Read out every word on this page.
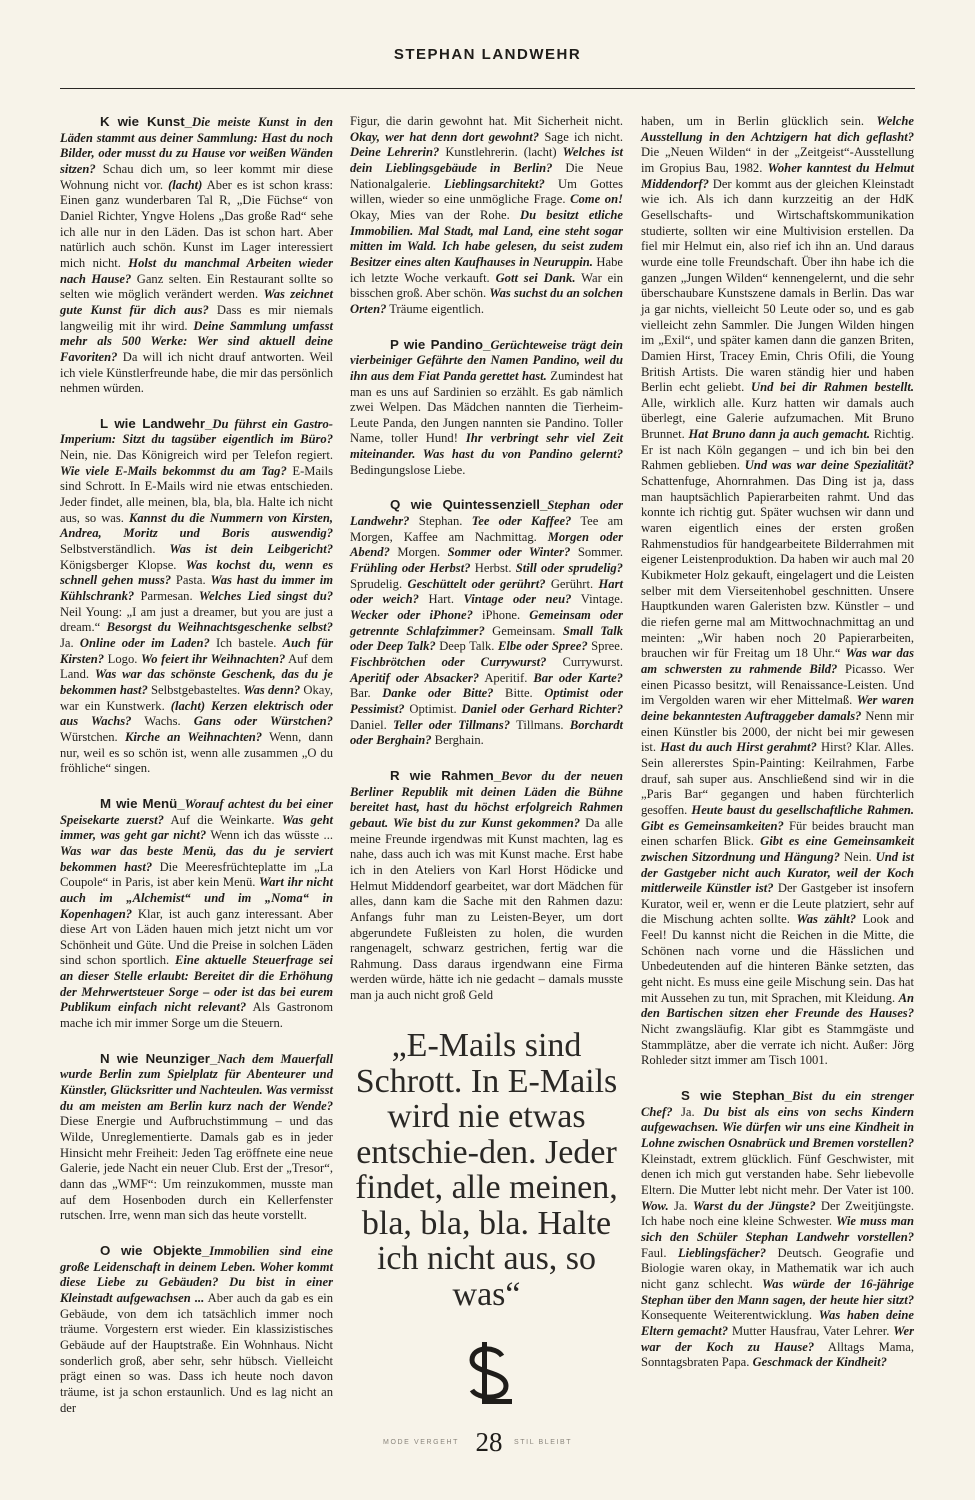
STEPHAN LANDWEHR

K wie Kunst_Die meiste Kunst in den Läden stammt aus deiner Sammlung: Hast du noch Bilder, oder musst du zu Hause vor weißen Wänden sitzen? Schau dich um, so leer kommt mir diese Wohnung nicht vor. (lacht) Aber es ist schon krass: Einen ganz wunderbaren Tal R, „Die Füchse“ von Daniel Richter, Yngve Holens „Das große Rad“ sehe ich alle nur in den Läden. Das ist schon hart. Aber natürlich auch schön. Kunst im Lager interessiert mich nicht. Holst du manchmal Arbeiten wieder nach Hause? Ganz selten. Ein Restaurant sollte so selten wie möglich verändert werden. Was zeichnet gute Kunst für dich aus? Dass es mir niemals langweilig mit ihr wird. Deine Sammlung umfasst mehr als 500 Werke: Wer sind aktuell deine Favoriten? Da will ich nicht drauf antworten. Weil ich viele Künstlerfreunde habe, die mir das persönlich nehmen würden.

L wie Landwehr_Du führst ein Gastro-Imperium: Sitzt du tagsüber eigentlich im Büro? Nein, nie. Das Königreich wird per Telefon regiert. Wie viele E-Mails bekommst du am Tag? E-Mails sind Schrott. In E-Mails wird nie etwas entschieden. Jeder findet, alle meinen, bla, bla, bla. Halte ich nicht aus, so was. Kannst du die Nummern von Kirsten, Andrea, Moritz und Boris auswendig? Selbstverständlich. Was ist dein Leibgericht? Königsberger Klopse. Was kochst du, wenn es schnell gehen muss? Pasta. Was hast du immer im Kühlschrank? Parmesan. Welches Lied singst du? Neil Young: „I am just a dreamer, but you are just a dream.“ Besorgst du Weihnachtsgeschenke selbst? Ja. Online oder im Laden? Ich bastele. Auch für Kirsten? Logo. Wo feiert ihr Weihnachten? Auf dem Land. Was war das schönste Geschenk, das du je bekommen hast? Selbstgebasteltes. Was denn? Okay, war ein Kunstwerk. (lacht) Kerzen elektrisch oder aus Wachs? Wachs. Gans oder Würstchen? Würstchen. Kirche an Weihnachten? Wenn, dann nur, weil es so schön ist, wenn alle zusammen „O du fröhliche“ singen.

M wie Menü_Worauf achtest du bei einer Speisekarte zuerst? Auf die Weinkarte. Was geht immer, was geht gar nicht? Wenn ich das wüsste ... Was war das beste Menü, das du je serviert bekommen hast? Die Meeresfrüchteplatte im „La Coupole“ in Paris, ist aber kein Menü. Wart ihr nicht auch im „Alchemist“ und im „Noma“ in Kopenhagen? Klar, ist auch ganz interessant. Aber diese Art von Läden hauen mich jetzt nicht um vor Schönheit und Güte. Und die Preise in solchen Läden sind schon sportlich. Eine aktuelle Steuerfrage sei an dieser Stelle erlaubt: Bereitet dir die Erhöhung der Mehrwertsteuer Sorge – oder ist das bei eurem Publikum einfach nicht relevant? Als Gastronom mache ich mir immer Sorge um die Steuern.

N wie Neunziger_Nach dem Mauerfall wurde Berlin zum Spielplatz für Abenteurer und Künstler, Glücksritter und Nachteulen. Was vermisst du am meisten am Berlin kurz nach der Wende? Diese Energie und Aufbruchstimmung – und das Wilde, Unreglementierte. Damals gab es in jeder Hinsicht mehr Freiheit: Jeden Tag eröffnete eine neue Galerie, jede Nacht ein neuer Club. Erst der „Tresor“, dann das „WMF“: Um reinzukommen, musste man auf dem Hosenboden durch ein Kellerfenster rutschen. Irre, wenn man sich das heute vorstellt.

O wie Objekte_Immobilien sind eine große Leidenschaft in deinem Leben. Woher kommt diese Liebe zu Gebäuden? Du bist in einer Kleinstadt aufgewachsen ... Aber auch da gab es ein Gebäude, von dem ich tatsächlich immer noch träume. Vorgestern erst wieder. Ein klassizistisches Gebäude auf der Hauptstraße. Ein Wohnhaus. Nicht sonderlich groß, aber sehr, sehr hübsch. Vielleicht prägt einen so was. Dass ich heute noch davon träume, ist ja schon erstaunlich. Und es lag nicht an der

Figur, die darin gewohnt hat. Mit Sicherheit nicht. Okay, wer hat denn dort gewohnt? Sage ich nicht. Deine Lehrerin? Kunstlehrerin. (lacht) Welches ist dein Lieblingsgebäude in Berlin? Die Neue Nationalgalerie. Lieblingsarchitekt? Um Gottes willen, wieder so eine unmögliche Frage. Come on! Okay, Mies van der Rohe. Du besitzt etliche Immobilien. Mal Stadt, mal Land, eine steht sogar mitten im Wald. Ich habe gelesen, du seist zudem Besitzer eines alten Kaufhauses in Neuruppin. Habe ich letzte Woche verkauft. Gott sei Dank. War ein bisschen groß. Aber schön. Was suchst du an solchen Orten? Träume eigentlich.

P wie Pandino_Gerüchteweise trägt dein vierbeiniger Gefährte den Namen Pandino, weil du ihn aus dem Fiat Panda gerettet hast. Zumindest hat man es uns auf Sardinien so erzählt. Es gab nämlich zwei Welpen. Das Mädchen nannten die Tierheim-Leute Panda, den Jungen nannten sie Pandino. Toller Name, toller Hund! Ihr verbringt sehr viel Zeit miteinander. Was hast du von Pandino gelernt? Bedingungslose Liebe.

Q wie Quintessenziell_Stephan oder Landwehr? Stephan. Tee oder Kaffee? Tee am Morgen, Kaffee am Nachmittag. Morgen oder Abend? Morgen. Sommer oder Winter? Sommer. Frühling oder Herbst? Herbst. Still oder sprudelig? Sprudelig. Geschüttelt oder gerührt? Gerührt. Hart oder weich? Hart. Vintage oder neu? Vintage. Wecker oder iPhone? iPhone. Gemeinsam oder getrennte Schlafzimmer? Gemeinsam. Small Talk oder Deep Talk? Deep Talk. Elbe oder Spree? Spree. Fischbrötchen oder Currywurst? Currywurst. Aperitif oder Absacker? Aperitif. Bar oder Karte? Bar. Danke oder Bitte? Bitte. Optimist oder Pessimist? Optimist. Daniel oder Gerhard Richter? Daniel. Teller oder Tillmans? Tillmans. Borchardt oder Berghain? Berghain.

R wie Rahmen_Bevor du der neuen Berliner Republik mit deinen Läden die Bühne bereitet hast, hast du höchst erfolgreich Rahmen gebaut. Wie bist du zur Kunst gekommen? Da alle meine Freunde irgendwas mit Kunst machten, lag es nahe, dass auch ich was mit Kunst mache. Erst habe ich in den Ateliers von Karl Horst Hödicke und Helmut Middendorf gearbeitet, war dort Mädchen für alles, dann kam die Sache mit den Rahmen dazu: Anfangs fuhr man zu Leisten-Beyer, um dort abgerundete Fußleisten zu holen, die wurden rangenagelt, schwarz gestrichen, fertig war die Rahmung. Dass daraus irgendwann eine Firma werden würde, hätte ich nie gedacht – damals musste man ja auch nicht groß Geld

haben, um in Berlin glücklich sein. Welche Ausstellung in den Achtzigern hat dich geflasht? Die „Neuen Wilden“ in der „Zeitgeist“-Ausstellung im Gropius Bau, 1982. Woher kanntest du Helmut Middendorf? Der kommt aus der gleichen Kleinstadt wie ich. Als ich dann kurzzeitig an der HdK Gesellschafts- und Wirtschaftskommunikation studierte, sollten wir eine Multivision erstellen. Da fiel mir Helmut ein, also rief ich ihn an. Und daraus wurde eine tolle Freundschaft. Über ihn habe ich die ganzen „Jungen Wilden“ kennengelernt, und die sehr überschaubare Kunstszene damals in Berlin. Das war ja gar nichts, vielleicht 50 Leute oder so, und es gab vielleicht zehn Sammler. Die Jungen Wilden hingen im „Exil“, und später kamen dann die ganzen Briten, Damien Hirst, Tracey Emin, Chris Ofili, die Young British Artists. Die waren ständig hier und haben Berlin echt geliebt. Und bei dir Rahmen bestellt. Alle, wirklich alle. Kurz hatten wir damals auch überlegt, eine Galerie aufzumachen. Mit Bruno Brunnet. Hat Bruno dann ja auch gemacht. Richtig. Er ist nach Köln gegangen – und ich bin bei den Rahmen geblieben. Und was war deine Spezialität? Schattenfuge, Ahornrahmen. Das Ding ist ja, dass man hauptsächlich Papierarbeiten rahmt. Und das konnte ich richtig gut. Später wuchsen wir dann und waren eigentlich eines der ersten großen Rahmenstudios für handgearbeitete Bilderrahmen mit eigener Leistenproduktion. Da haben wir auch mal 20 Kubikmeter Holz gekauft, eingelagert und die Leisten selber mit dem Vierseitenhobel geschnitten. Unsere Hauptkunden waren Galeristen bzw. Künstler – und die riefen gerne mal am Mittwochnachmittag an und meinten: „Wir haben noch 20 Papierarbeiten, brauchen wir für Freitag um 18 Uhr.“ Was war das am schwersten zu rahmende Bild? Picasso. Wer einen Picasso besitzt, will Renaissance-Leisten. Und im Vergolden waren wir eher Mittelmaß. Wer waren deine bekanntesten Auftraggeber damals? Nenn mir einen Künstler bis 2000, der nicht bei mir gewesen ist. Hast du auch Hirst gerahmt? Hirst? Klar. Alles. Sein allererstes Spin-Painting: Keilrahmen, Farbe drauf, sah super aus. Anschließend sind wir in die „Paris Bar“ gegangen und haben fürchterlich gesoffen. Heute baust du gesellschaftliche Rahmen. Gibt es Gemeinsamkeiten? Für beides braucht man einen scharfen Blick. Gibt es eine Gemeinsamkeit zwischen Sitzordnung und Hängung? Nein. Und ist der Gastgeber nicht auch Kurator, weil der Koch mittlerweile Künstler ist? Der Gastgeber ist insofern Kurator, weil er, wenn er die Leute platziert, sehr auf die Mischung achten sollte. Was zählt? Look and Feel! Du kannst nicht die Reichen in die Mitte, die Schönen nach vorne und die Hässlichen und Unbedeutenden auf die hinteren Bänke setzten, das geht nicht. Es muss eine geile Mischung sein. Das hat mit Aussehen zu tun, mit Sprachen, mit Kleidung. An den Bartischen sitzen eher Freunde des Hauses? Nicht zwangsläufig. Klar gibt es Stammgäste und Stammplätze, aber die verrate ich nicht. Außer: Jörg Rohleder sitzt immer am Tisch 1001.

S wie Stephan_Bist du ein strenger Chef? Ja. Du bist als eins von sechs Kindern aufgewachsen. Wie dürfen wir uns eine Kindheit in Lohne zwischen Osnabrück und Bremen vorstellen? Kleinstadt, extrem glücklich. Fünf Geschwister, mit denen ich mich gut verstanden habe. Sehr liebevolle Eltern. Die Mutter lebt nicht mehr. Der Vater ist 100. Wow. Ja. Warst du der Jüngste? Der Zweitjüngste. Ich habe noch eine kleine Schwester. Wie muss man sich den Schüler Stephan Landwehr vorstellen? Faul. Lieblingsfächer? Deutsch. Geografie und Biologie waren okay, in Mathematik war ich auch nicht ganz schlecht. Was würde der 16-jährige Stephan über den Mann sagen, der heute hier sitzt? Konsequente Weiterentwicklung. Was haben deine Eltern gemacht? Mutter Hausfrau, Vater Lehrer. Wer war der Koch zu Hause? Alltags Mama, Sonntagsbraten Papa. Geschmack der Kindheit?

„E-Mails sind Schrott. In E-Mails wird nie etwas entschie-den. Jeder findet, alle meinen, bla, bla, bla. Halte ich nicht aus, so was“
MODE VERGEHT 28	STIL BLEIBT
